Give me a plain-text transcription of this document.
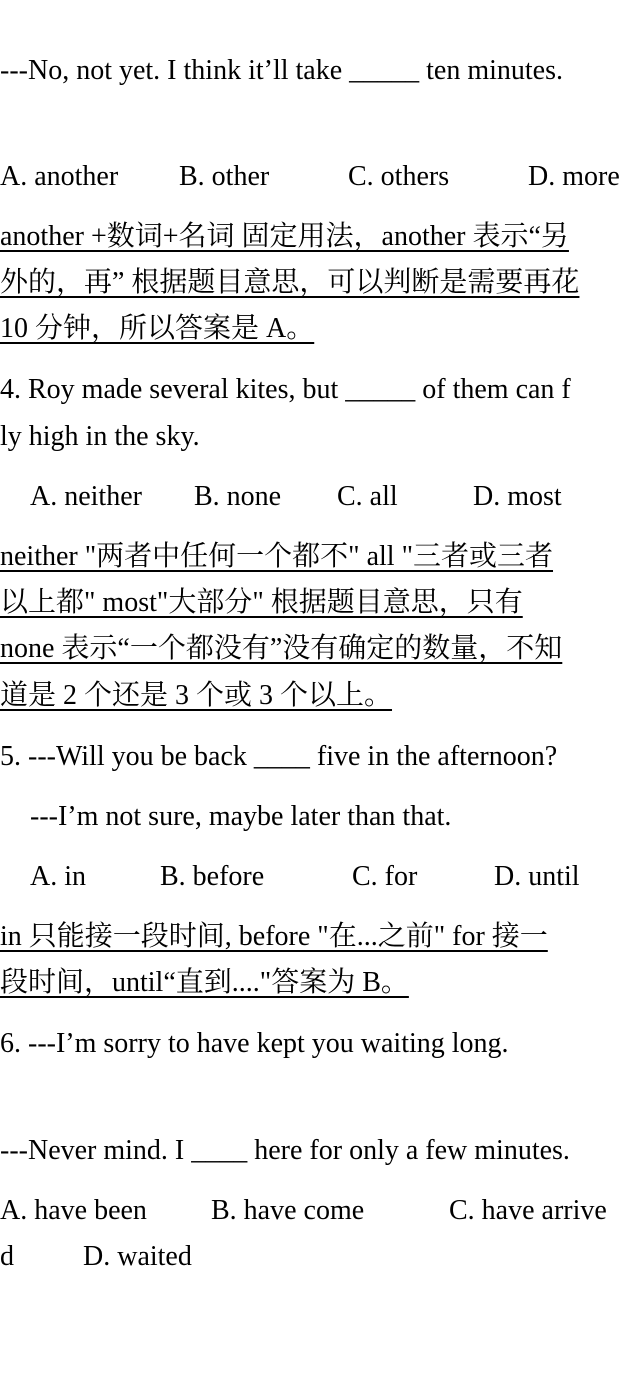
---No, not yet. I think it’ll take _____ ten minutes.
A. another B. other	C. others	D. more
another +数词+名词 固定用法，another 表示“另
外的，再” 根据题目意思，可以判断是需要再花
10 分钟，所以答案是 A。
4. Roy made several kites, but _____ of them can f
ly high in the sky.
A. neither B. none C. all	D. most
neither "两者中任何一个都不" all "三者或三者
以上都" most"大部分" 根据题目意思，只有
none 表示“一个都没有”没有确定的数量，不知
道是 2 个还是 3 个或 3 个以上。
5. ---Will you be back ____ five in the afternoon?
---I’m not sure, maybe later than that.
A. in	B. before	C. for	D. until
in 只能接一段时间, before "在...之前" for 接一
段时间，until“直到...."答案为 B。
6. ---I’m sorry to have kept you waiting long.
---Never mind. I ____ here for only a few minutes.
A. have been B. have come	C. have arrive
d D. waited
